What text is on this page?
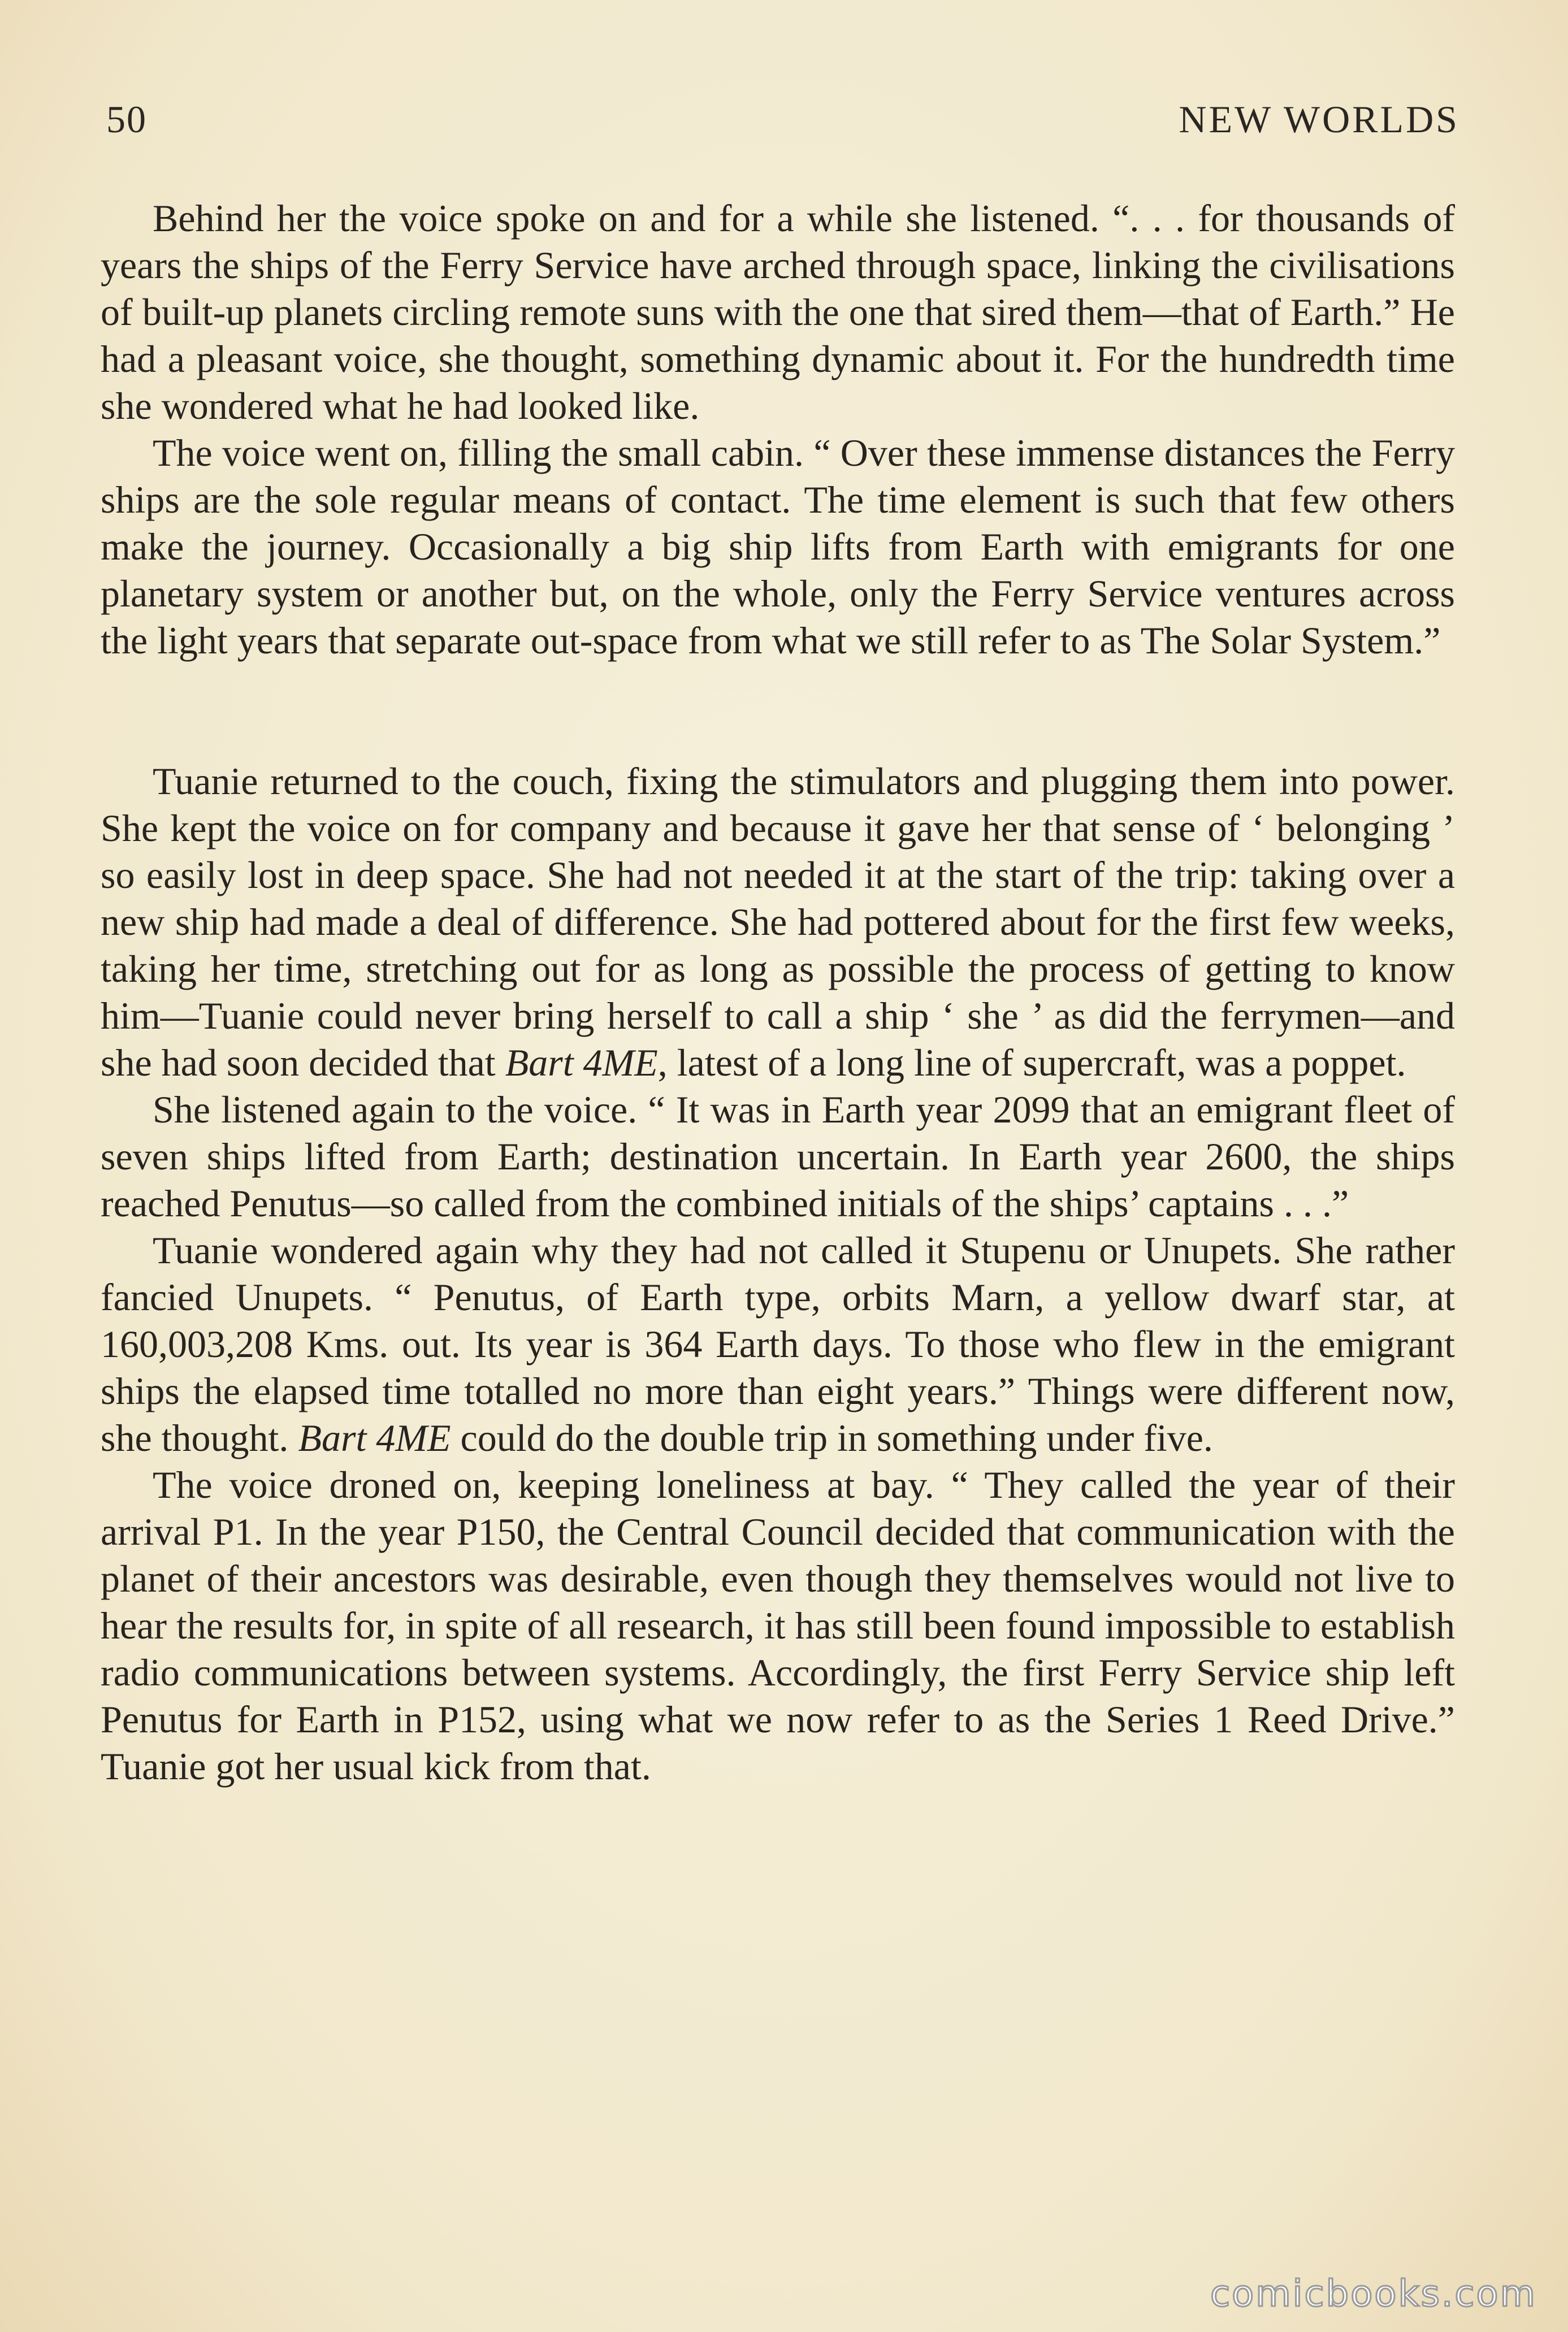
50	NEW WORLDS

Behind her the voice spoke on and for a while she listened. “. . . for thousands of years the ships of the Ferry Service have arched through space, linking the civilisations of built-up planets circling remote suns with the one that sired them—that of Earth.” He had a pleasant voice, she thought, something dynamic about it. For the hundredth time she wondered what he had looked like.

The voice went on, filling the small cabin. “ Over these immense distances the Ferry ships are the sole regular means of contact. The time element is such that few others make the journey. Occasionally a big ship lifts from Earth with emigrants for one planetary system or another but, on the whole, only the Ferry Service ventures across the light years that separate out-space from what we still refer to as The Solar System.”

Tuanie returned to the couch, fixing the stimulators and plugging them into power. She kept the voice on for company and because it gave her that sense of ‘ belonging ’ so easily lost in deep space. She had not needed it at the start of the trip: taking over a new ship had made a deal of difference. She had pottered about for the first few weeks, taking her time, stretching out for as long as possible the process of getting to know him—Tuanie could never bring herself to call a ship ‘ she ’ as did the ferrymen—and she had soon decided that Bart 4ME, latest of a long line of supercraft, was a poppet.

She listened again to the voice. “ It was in Earth year 2099 that an emigrant fleet of seven ships lifted from Earth; destination uncertain. In Earth year 2600, the ships reached Penutus—so called from the combined initials of the ships’ captains . . .”

Tuanie wondered again why they had not called it Stupenu or Unupets. She rather fancied Unupets. “ Penutus, of Earth type, orbits Marn, a yellow dwarf star, at 160,003,208 Kms. out. Its year is 364 Earth days. To those who flew in the emigrant ships the elapsed time totalled no more than eight years.” Things were different now, she thought. Bart 4ME could do the double trip in something under five.

The voice droned on, keeping loneliness at bay. “ They called the year of their arrival P1. In the year P150, the Central Council decided that communication with the planet of their ancestors was desirable, even though they themselves would not live to hear the results for, in spite of all research, it has still been found impossible to establish radio communications between systems. Accordingly, the first Ferry Service ship left Penutus for Earth in P152, using what we now refer to as the Series 1 Reed Drive.” Tuanie got her usual kick from that.

comicbooks.com
